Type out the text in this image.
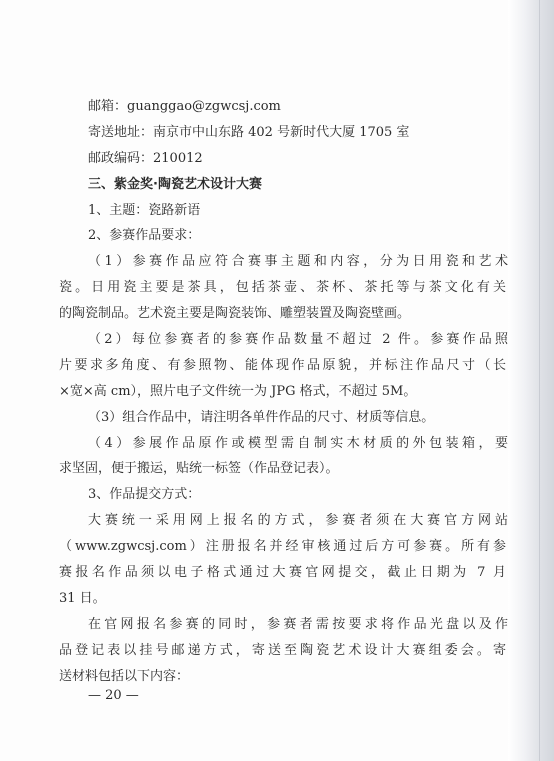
邮箱：guanggao@zgwcsj.com
寄送地址：南京市中山东路 402 号新时代大厦 1705 室
邮政编码：210012
三、紫金奖·陶瓷艺术设计大赛
1、主题：瓷路新语
2、参赛作品要求：
（1）参赛作品应符合赛事主题和内容，分为日用瓷和艺术
瓷。日用瓷主要是茶具，包括茶壶、茶杯、茶托等与茶文化有关
的陶瓷制品。艺术瓷主要是陶瓷装饰、雕塑装置及陶瓷壁画。
（2）每位参赛者的参赛作品数量不超过 2 件。参赛作品照
片要求多角度、有参照物、能体现作品原貌，并标注作品尺寸（长
×宽×高 cm），照片电子文件统一为 JPG 格式，不超过 5M。
（3）组合作品中，请注明各单件作品的尺寸、材质等信息。
（4）参展作品原作或模型需自制实木材质的外包装箱，要
求坚固，便于搬运，贴统一标签（作品登记表）。
3、作品提交方式：
大赛统一采用网上报名的方式，参赛者须在大赛官方网站
（www.zgwcsj.com）注册报名并经审核通过后方可参赛。所有参
赛报名作品须以电子格式通过大赛官网提交，截止日期为 7 月
31 日。
在官网报名参赛的同时，参赛者需按要求将作品光盘以及作
品登记表以挂号邮递方式，寄送至陶瓷艺术设计大赛组委会。寄
送材料包括以下内容：
— 20 —
